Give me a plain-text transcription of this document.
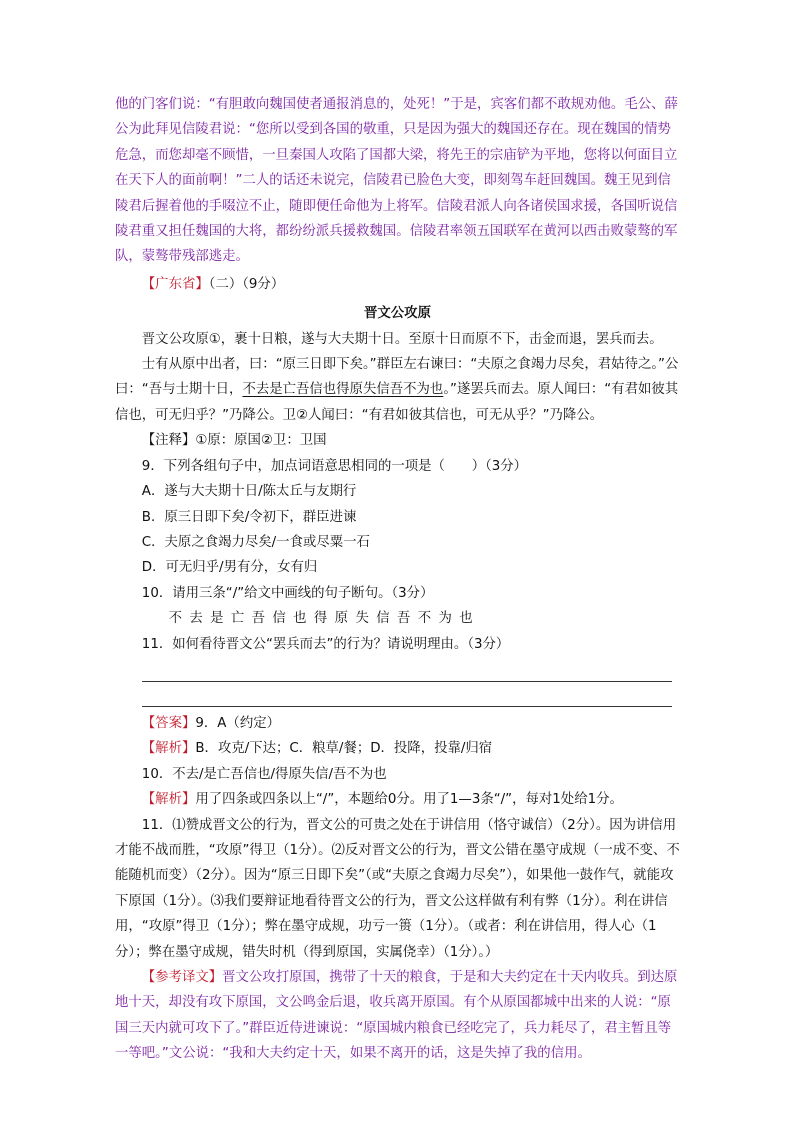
他的门客们说：“有胆敢向魏国使者通报消息的，处死！”于是，宾客们都不敢规劝他。毛公、薛公为此拜见信陵君说：“您所以受到各国的敬重，只是因为强大的魏国还存在。现在魏国的情势危急，而您却毫不顾惜，一旦秦国人攻陷了国都大梁，将先王的宗庙铲为平地，您将以何面目立在天下人的面前啊！”二人的话还未说完，信陵君已脸色大变，即刻驾车赶回魏国。魏王见到信陵君后握着他的手啜泣不止，随即便任命他为上将军。信陵君派人向各诸侯国求援，各国听说信陵君重又担任魏国的大将，都纷纷派兵援救魏国。信陵君率领五国联军在黄河以西击败蒙骜的军队，蒙骜带残部逃走。

【广东省】（二）（9分）

晋文公攻原

晋文公攻原①，裹十日粮，遂与大夫期十日。至原十日而原不下，击金而退，罢兵而去。

士有从原中出者，曰：“原三日即下矣。”群臣左右谏曰：“夫原之食竭力尽矣，君姑待之。”公曰：“吾与士期十日，不去是亡吾信也得原失信吾不为也。”遂罢兵而去。原人闻曰：“有君如彼其信也，可无归乎？”乃降公。卫②人闻曰：“有君如彼其信也，可无从乎？”乃降公。

【注释】①原：原国②卫：卫国

9．下列各组句子中，加点词语意思相同的一项是（　　）（3分）

A．遂与大夫期十日/陈太丘与友期行

B．原三日即下矣/令初下，群臣进谏

C．夫原之食竭力尽矣/一食或尽粟一石

D．可无归乎/男有分，女有归

10．请用三条“/”给文中画线的句子断句。（3分）

不去是亡吾信也得原失信吾不为也

11．如何看待晋文公“罢兵而去”的行为？请说明理由。（3分）

【答案】9．A（约定）

【解析】B．攻克/下达；C．粮草/餐；D．投降，投靠/归宿

10．不去/是亡吾信也/得原失信/吾不为也

【解析】用了四条或四条以上“/”，本题给0分。用了1—3条“/”，每对1处给1分。

11．⑴赞成晋文公的行为，晋文公的可贵之处在于讲信用（恪守诚信）（2分）。因为讲信用才能不战而胜，“攻原”得卫（1分）。⑵反对晋文公的行为，晋文公错在墨守成规（一成不变、不能随机而变）（2分）。因为“原三日即下矣”（或“夫原之食竭力尽矣”），如果他一鼓作气，就能攻下原国（1分）。⑶我们要辩证地看待晋文公的行为，晋文公这样做有利有弊（1分）。利在讲信用，“攻原”得卫（1分）；弊在墨守成规，功亏一篑（1分）。（或者：利在讲信用，得人心（1分）；弊在墨守成规，错失时机（得到原国，实属侥幸）（1分）。）

【参考译文】晋文公攻打原国，携带了十天的粮食，于是和大夫约定在十天内收兵。到达原地十天，却没有攻下原国，文公鸣金后退，收兵离开原国。有个从原国都城中出来的人说：“原国三天内就可攻下了。”群臣近侍进谏说：“原国城内粮食已经吃完了，兵力耗尽了，君主暂且等一等吧。”文公说：“我和大夫约定十天，如果不离开的话，这是失掉了我的信用。
